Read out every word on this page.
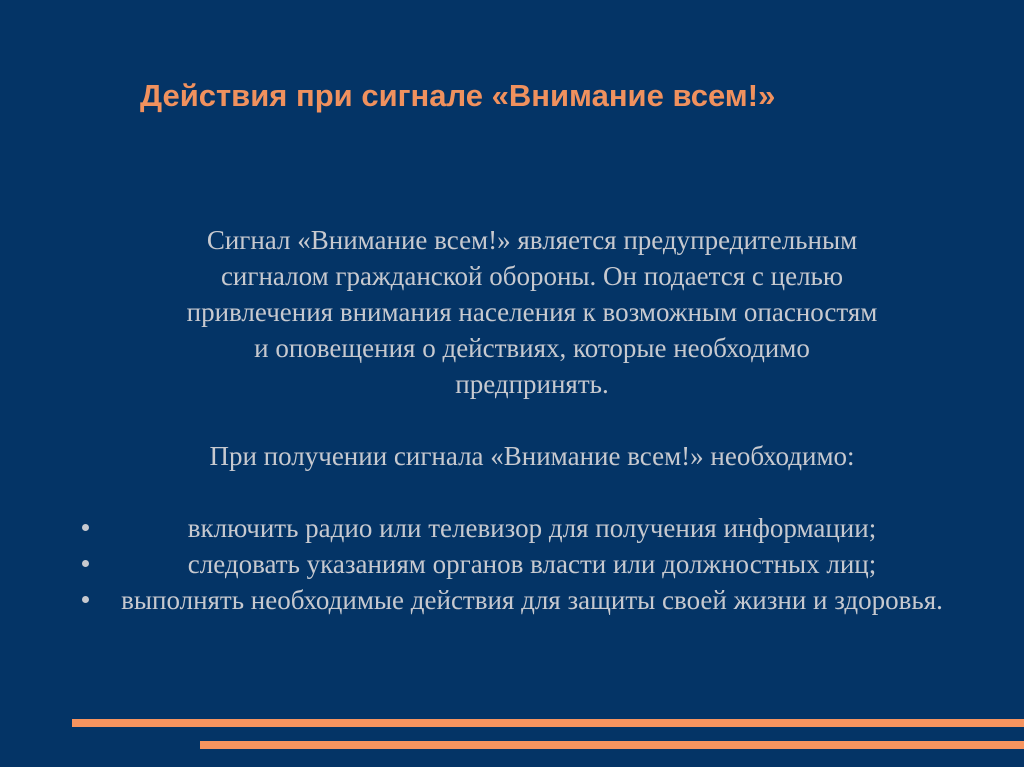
Действия при сигнале «Внимание всем!»

Сигнал «Внимание всем!» является предупредительным

сигналом гражданской обороны. Он подается с целью

привлечения внимания населения к возможным опасностям

и оповещения о действиях, которые необходимо

предпринять.

При получении сигнала «Внимание всем!» необходимо:

включить радио или телевизор для получения информации;
следовать указаниям органов власти или должностных лиц;
выполнять необходимые действия для защиты своей жизни и здоровья.
